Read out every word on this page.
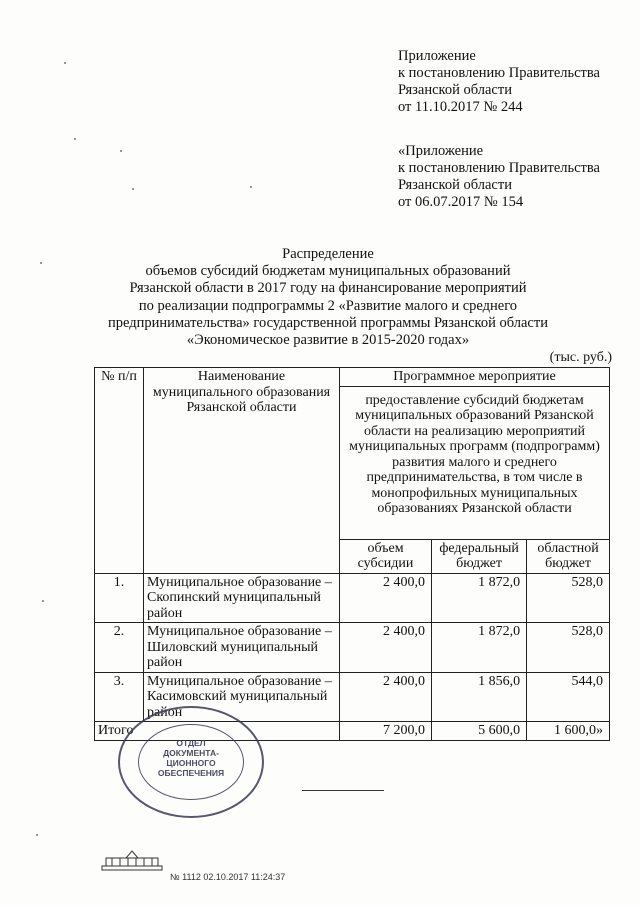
Приложение
к постановлению Правительства
Рязанской области
от 11.10.2017 № 244
«Приложение
к постановлению Правительства
Рязанской области
от 06.07.2017 № 154
Распределение
объемов субсидий бюджетам муниципальных образований
Рязанской области в 2017 году на финансирование мероприятий
по реализации подпрограммы 2 «Развитие малого и среднего
предпринимательства» государственной программы Рязанской области
«Экономическое развитие в 2015-2020 годах»
(тыс. руб.)
№ п/п	Наименование муниципального образования Рязанской области	Программное мероприятие		
		предоставление субсидий бюджетам муниципальных образований Рязанской области на реализацию мероприятий муниципальных программ (подпрограмм) развития малого и среднего предпринимательства, в том числе в монопрофильных муниципальных образованиях Рязанской области		
		объем субсидии	федеральный бюджет	областной бюджет
1.	Муниципальное образование – Скопинский муниципальный район	2 400,0	1 872,0	528,0
2.	Муниципальное образование – Шиловский муниципальный район	2 400,0	1 872,0	528,0
3.	Муниципальное образование – Касимовский муниципальный район	2 400,0	1 856,0	544,0
Итого		7 200,0	5 600,0	1 600,0»
ОТДЕЛ
ДОКУМЕНТА-
ЦИОННОГО
ОБЕСПЕЧЕНИЯ
№ 1112 02.10.2017 11:24:37
